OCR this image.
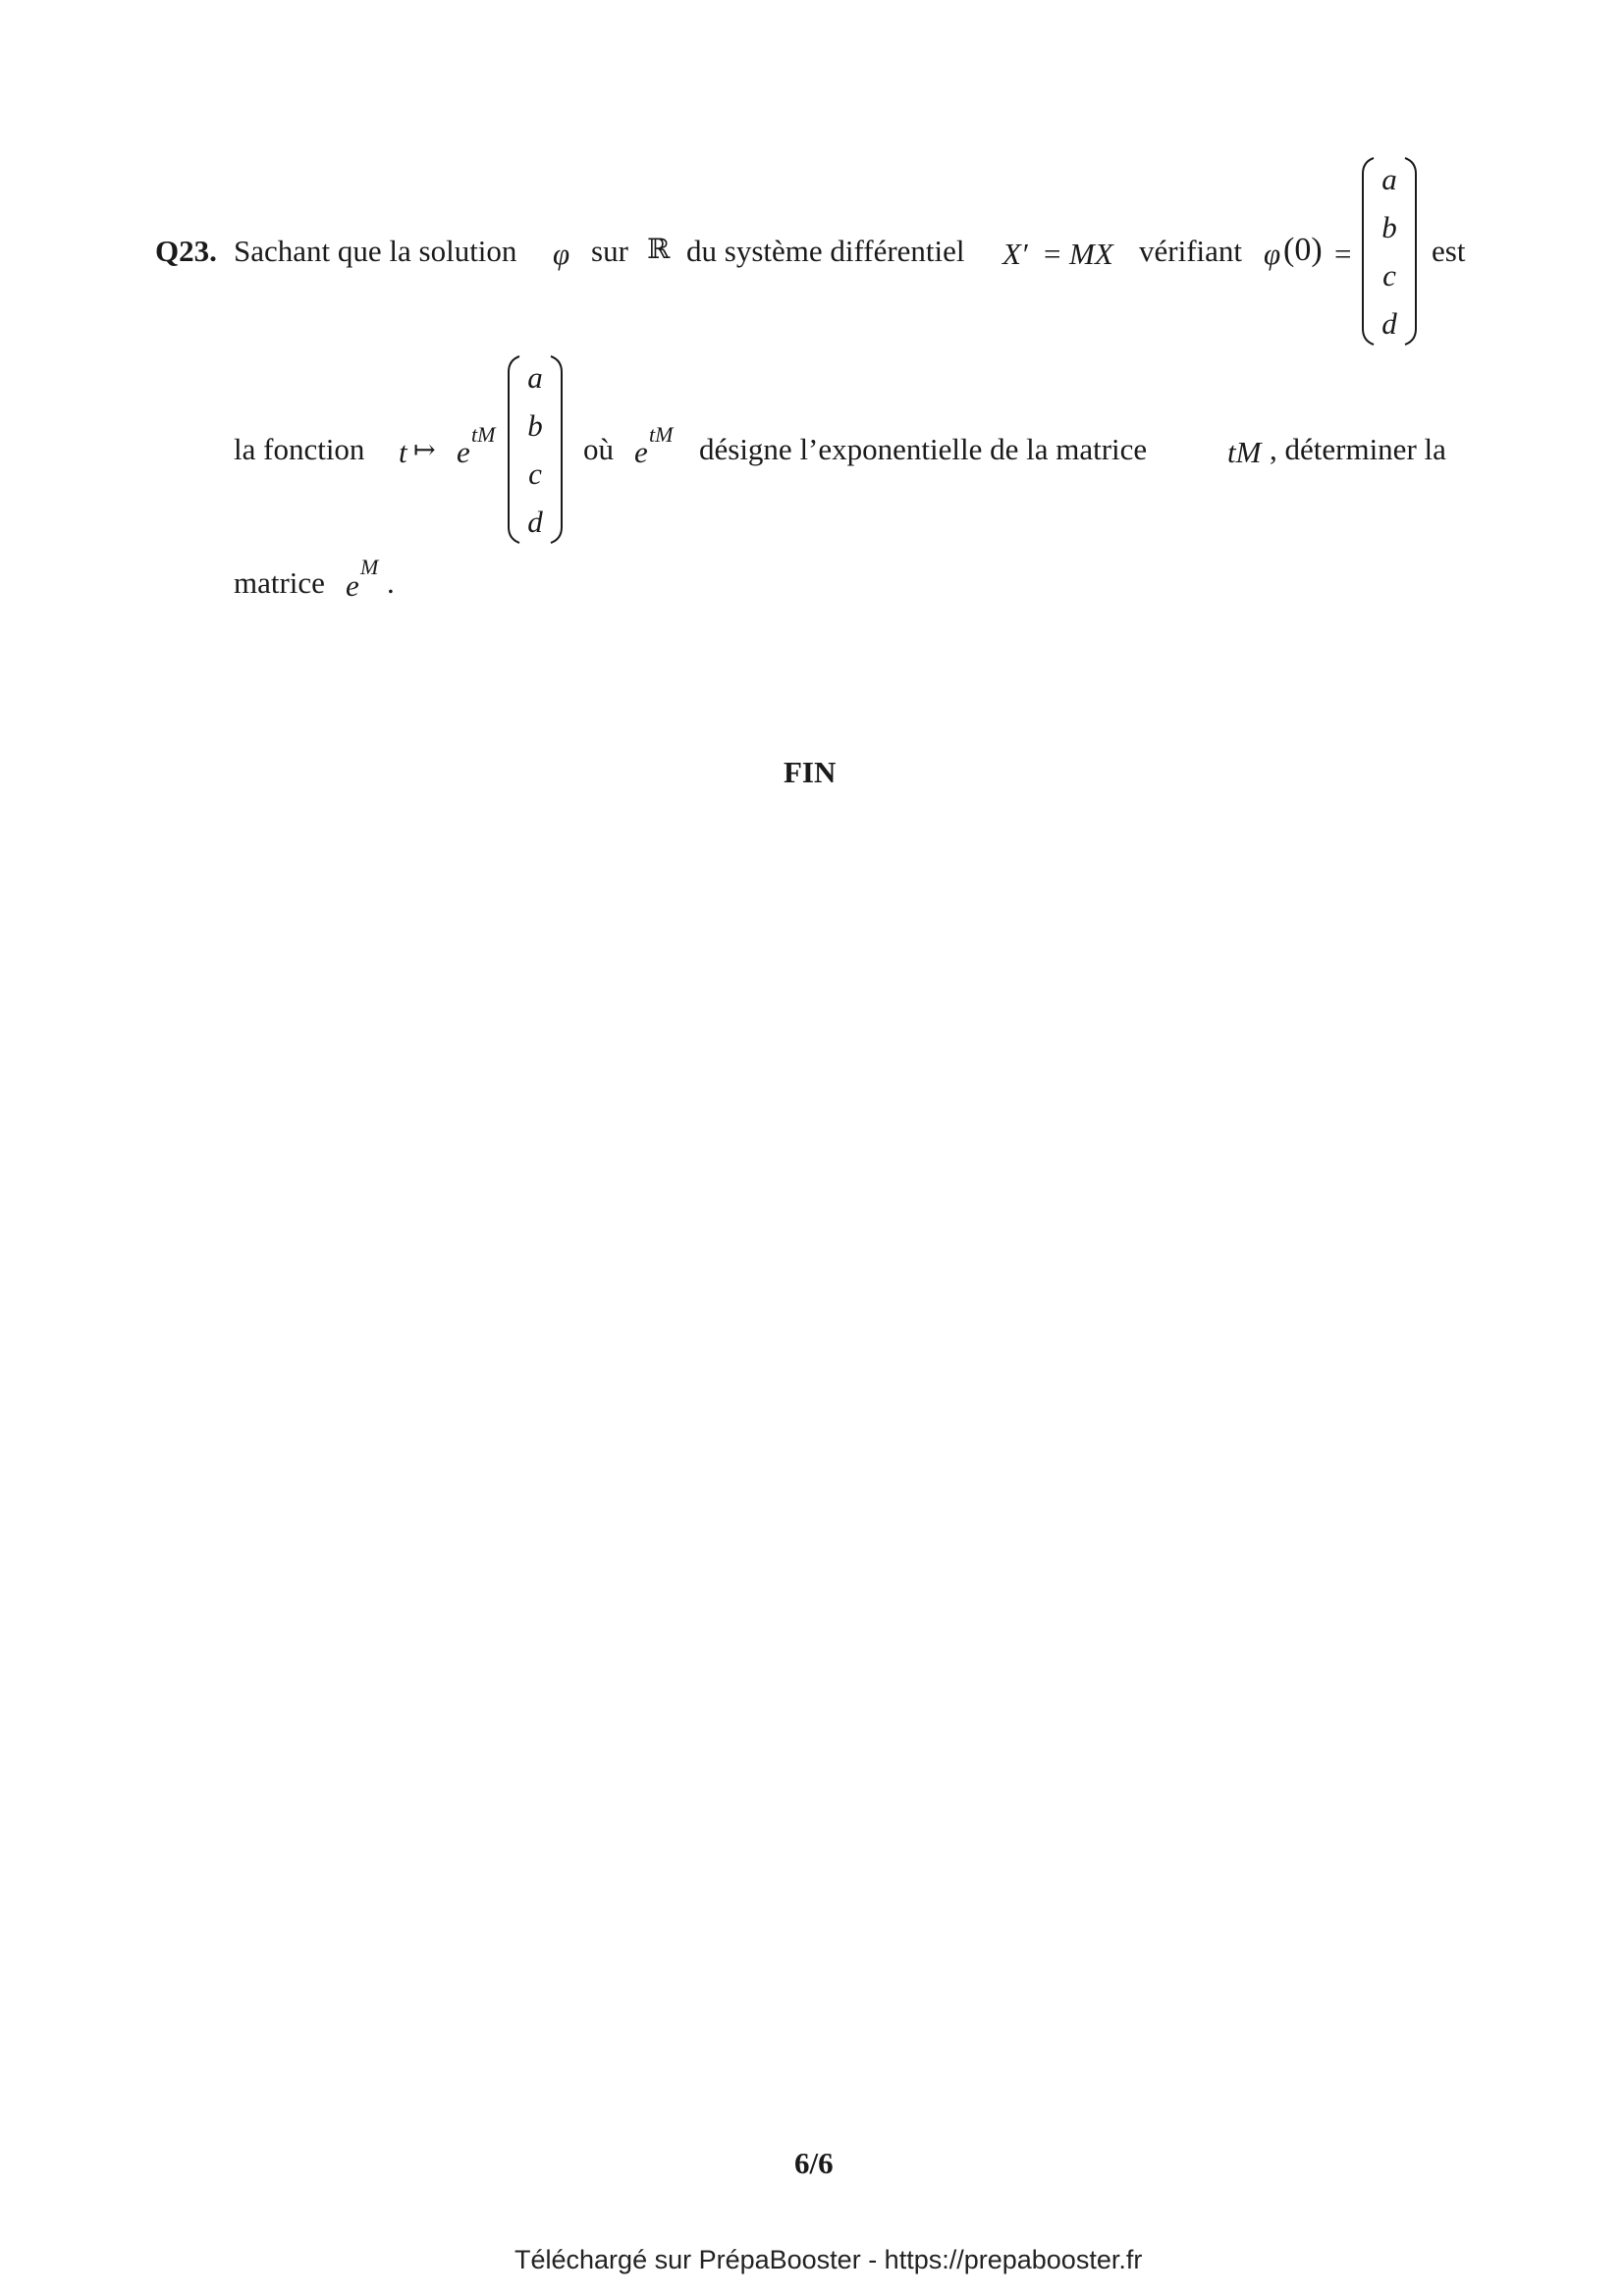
Q23. Sachant que la solution φ sur ℝ du système différentiel X′ = MX vérifiant φ (0) =
a
b
c
d
est
la fonction t ↦ e
tM
a
b
c
d
où e
tM désigne l’exponentielle de la matrice	tM , déterminer la
matrice e
M .
FIN
6/6
Téléchargé sur PrépaBooster - https://prepabooster.fr
